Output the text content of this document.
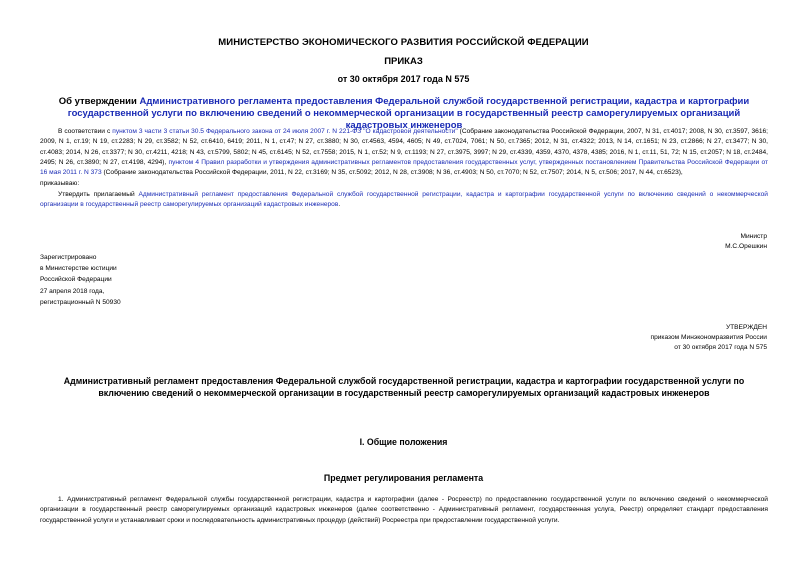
МИНИСТЕРСТВО ЭКОНОМИЧЕСКОГО РАЗВИТИЯ РОССИЙСКОЙ ФЕДЕРАЦИИ
ПРИКАЗ
от 30 октября 2017 года N 575
Об утверждении Административного регламента предоставления Федеральной службой государственной регистрации, кадастра и картографии государственной услуги по включению сведений о некоммерческой организации в государственный реестр саморегулируемых организаций кадастровых инженеров
В соответствии с пунктом 3 части 3 статьи 30.5 Федерального закона от 24 июля 2007 г. N 221-ФЗ "О кадастровой деятельности" (Собрание законодательства Российской Федерации, 2007, N 31, ст.4017; 2008, N 30, ст.3597, 3616; 2009, N 1, ст.19; N 19, ст.2283; N 29, ст.3582; N 52, ст.6410, 6419; 2011, N 1, ст.47; N 27, ст.3880; N 30, ст.4563, 4594, 4605; N 49, ст.7024, 7061; N 50, ст.7365; 2012, N 31, ст.4322; 2013, N 14, ст.1651; N 23, ст.2866; N 27, ст.3477; N 30, ст.4083; 2014, N 26, ст.3377; N 30, ст.4211, 4218; N 43, ст.5799, 5802; N 45, ст.6145; N 52, ст.7558; 2015, N 1, ст.52; N 9, ст.1193; N 27, ст.3975, 3997; N 29, ст.4339, 4359, 4370, 4378, 4385; 2016, N 1, ст.11, 51, 72; N 15, ст.2057; N 18, ст.2484, 2495; N 26, ст.3890; N 27, ст.4198, 4294), пунктом 4 Правил разработки и утверждения административных регламентов предоставления государственных услуг, утвержденных постановлением Правительства Российской Федерации от 16 мая 2011 г. N 373 (Собрание законодательства Российской Федерации, 2011, N 22, ст.3169; N 35, ст.5092; 2012, N 28, ст.3908; N 36, ст.4903; N 50, ст.7070; N 52, ст.7507; 2014, N 5, ст.506; 2017, N 44, ст.6523),
приказываю:
Утвердить прилагаемый Административный регламент предоставления Федеральной службой государственной регистрации, кадастра и картографии государственной услуги по включению сведений о некоммерческой организации в государственный реестр саморегулируемых организаций кадастровых инженеров.
Министр
М.С.Орешкин
Зарегистрировано
в Министерстве юстиции
Российской Федерации
27 апреля 2018 года,
регистрационный N 50930
УТВЕРЖДЕН
приказом Минэкономразвития России
от 30 октября 2017 года N 575
Административный регламент предоставления Федеральной службой государственной регистрации, кадастра и картографии государственной услуги по включению сведений о некоммерческой организации в государственный реестр саморегулируемых организаций кадастровых инженеров
I. Общие положения
Предмет регулирования регламента
1. Административный регламент Федеральной службы государственной регистрации, кадастра и картографии (далее - Росреестр) по предоставлению государственной услуги по включению сведений о некоммерческой организации в государственный реестр саморегулируемых организаций кадастровых инженеров (далее соответственно - Административный регламент, государственная услуга, Реестр) определяет стандарт предоставления государственной услуги и устанавливает сроки и последовательность административных процедур (действий) Росреестра при предоставлении государственной услуги.
